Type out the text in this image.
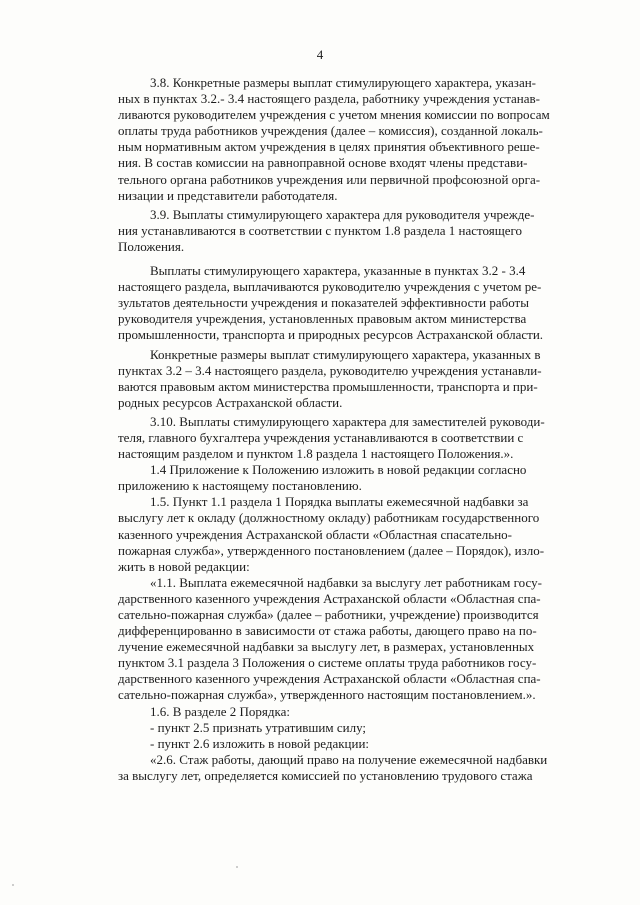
4

3.8. Конкретные размеры выплат стимулирующего характера, указан-
ных в пунктах 3.2.- 3.4 настоящего раздела, работнику учреждения устанав-
ливаются руководителем учреждения с учетом мнения комиссии по вопросам
оплаты труда работников учреждения (далее – комиссия), созданной локаль-
ным нормативным актом учреждения в целях принятия объективного реше-
ния. В состав комиссии на равноправной основе входят члены представи-
тельного органа работников учреждения или первичной профсоюзной орга-
низации и представители работодателя.

3.9. Выплаты стимулирующего характера для руководителя учрежде-
ния устанавливаются в соответствии с пунктом 1.8 раздела 1 настоящего
Положения.

Выплаты стимулирующего характера, указанные в пунктах 3.2 - 3.4
настоящего раздела, выплачиваются руководителю учреждения с учетом ре-
зультатов деятельности учреждения и показателей эффективности работы
руководителя учреждения, установленных правовым актом министерства
промышленности, транспорта и природных ресурсов Астраханской области.

Конкретные размеры выплат стимулирующего характера, указанных в
пунктах 3.2 – 3.4 настоящего раздела, руководителю учреждения устанавли-
ваются правовым актом министерства промышленности, транспорта и при-
родных ресурсов Астраханской области.

3.10. Выплаты стимулирующего характера для заместителей руководи-
теля, главного бухгалтера учреждения устанавливаются в соответствии с
настоящим разделом и пунктом 1.8 раздела 1 настоящего Положения.».

1.4 Приложение к Положению изложить в новой редакции согласно
приложению к настоящему постановлению.

1.5. Пункт 1.1 раздела 1 Порядка выплаты ежемесячной надбавки за
выслугу лет к окладу (должностному окладу) работникам государственного
казенного учреждения Астраханской области «Областная спасательно-
пожарная служба», утвержденного постановлением (далее – Порядок), изло-
жить в новой редакции:

«1.1. Выплата ежемесячной надбавки за выслугу лет работникам госу-
дарственного казенного учреждения Астраханской области «Областная спа-
сательно-пожарная служба» (далее – работники, учреждение) производится
дифференцированно в зависимости от стажа работы, дающего право на по-
лучение ежемесячной надбавки за выслугу лет, в размерах, установленных
пунктом 3.1 раздела 3 Положения о системе оплаты труда работников госу-
дарственного казенного учреждения Астраханской области «Областная спа-
сательно-пожарная служба», утвержденного настоящим постановлением.».

1.6. В разделе 2 Порядка:

- пункт 2.5 признать утратившим силу;

- пункт 2.6 изложить в новой редакции:

«2.6. Стаж работы, дающий право на получение ежемесячной надбавки
за выслугу лет, определяется комиссией по установлению трудового стажа
